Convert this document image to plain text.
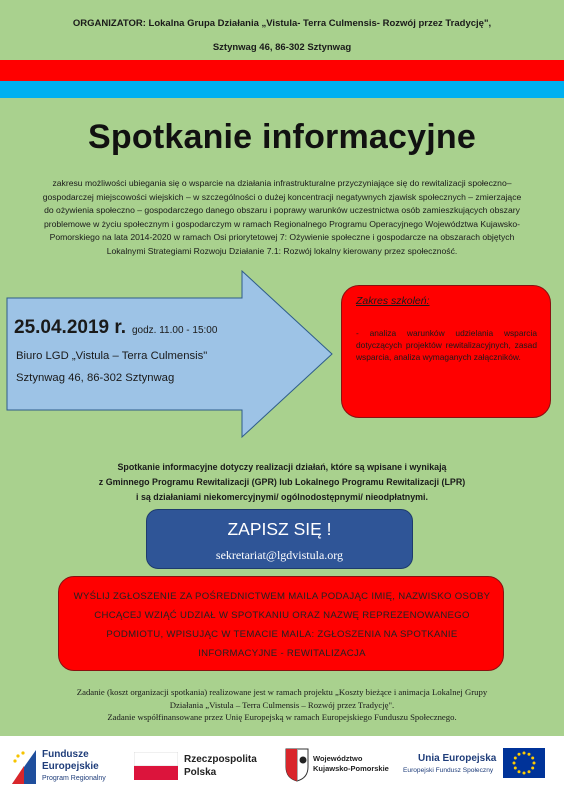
ORGANIZATOR: Lokalna Grupa Działania „Vistula- Terra Culmensis- Rozwój przez Tradycję",
Sztynwag 46, 86-302 Sztynwag
Spotkanie informacyjne
zakresu możliwości ubiegania się o wsparcie na działania infrastrukturalne przyczyniające się do rewitalizacji społeczno– gospodarczej miejscowości wiejskich – w szczególności o dużej koncentracji negatywnych zjawisk społecznych – zmierzające do ożywienia społeczno – gospodarczego danego obszaru i poprawy warunków uczestnictwa osób zamieszkujących obszary problemowe w życiu społecznym i gospodarczym w ramach Regionalnego Programu Operacyjnego Województwa Kujawsko-Pomorskiego na lata 2014-2020 w ramach Osi priorytetowej 7: Ożywienie społeczne i gospodarcze na obszarach objętych Lokalnymi Strategiami Rozwoju Działanie 7.1: Rozwój lokalny kierowany przez społeczność.
25.04.2019 r. godz. 11.00 - 15:00
Biuro LGD „Vistula – Terra Culmensis"
Sztynwag 46, 86-302 Sztynwag
Zakres szkoleń:
- analiza warunków udzielania wsparcia dotyczących projektów rewitalizacyjnych, zasad wsparcia, analiza wymaganych załączników.
Spotkanie informacyjne dotyczy realizacji działań, które są wpisane i wynikają
z Gminnego Programu Rewitalizacji (GPR) lub Lokalnego Programu Rewitalizacji (LPR)
i są działaniami niekomercyjnymi/ ogólnodostępnymi/ nieodpłatnymi.
ZAPISZ SIĘ !
sekretariat@lgdvistula.org
WYŚLIJ ZGŁOSZENIE ZA POŚREDNICTWEM MAILA PODAJĄC IMIĘ, NAZWISKO OSOBY CHCĄCEJ WZIĄĆ UDZIAŁ W SPOTKANIU ORAZ NAZWĘ REPREZENOWANEGO PODMIOTU, WPISUJĄC W TEMACIE MAILA: ZGŁOSZENIA NA SPOTKANIE INFORMACYJNE - REWITALIZACJA
Zadanie (koszt organizacji spotkania) realizowane jest w ramach projektu „Koszty bieżące i animacja Lokalnej Grupy
Działania „Vistula – Terra Culmensis – Rozwój przez Tradycję".
Zadanie współfinansowane przez Unię Europejską w ramach Europejskiego Funduszu Społecznego.
Fundusze
Europejskie
Program Regionalny
Rzeczpospolita
Polska
Województwo
Kujawsko-Pomorskie
Unia Europejska
Europejski Fundusz Społeczny
